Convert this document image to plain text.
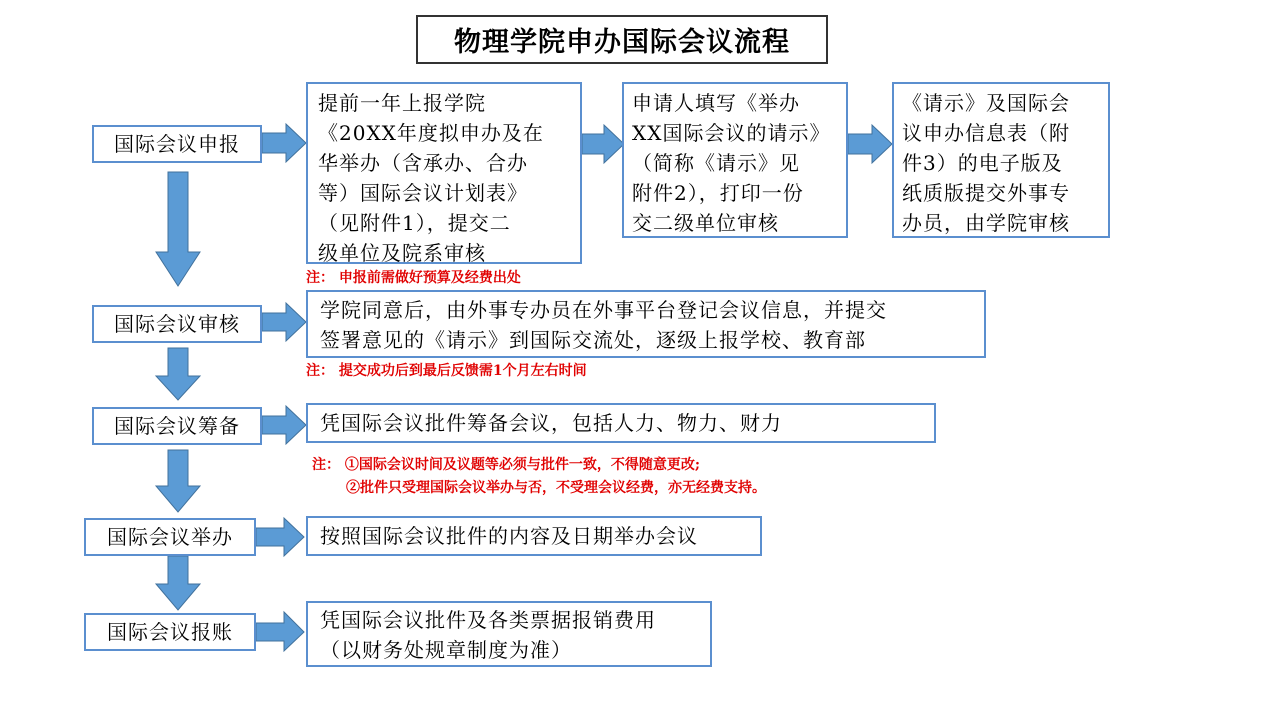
物理学院申办国际会议流程
国际会议申报
国际会议审核
国际会议筹备
国际会议举办
国际会议报账
提前一年上报学院
《20XX年度拟申办及在
华举办（含承办、合办
等）国际会议计划表》
（见附件1），提交二
级单位及院系审核
申请人填写《举办
XX国际会议的请示》
（简称《请示》见
附件2），打印一份
交二级单位审核
《请示》及国际会
议申办信息表（附
件3）的电子版及
纸质版提交外事专
办员，由学院审核
注： 申报前需做好预算及经费出处
学院同意后，由外事专办员在外事平台登记会议信息，并提交
签署意见的《请示》到国际交流处，逐级上报学校、教育部
注： 提交成功后到最后反馈需1个月左右时间
凭国际会议批件筹备会议，包括人力、物力、财力
注： ①国际会议时间及议题等必须与批件一致，不得随意更改;
②批件只受理国际会议举办与否，不受理会议经费，亦无经费支持。
按照国际会议批件的内容及日期举办会议
凭国际会议批件及各类票据报销费用
（以财务处规章制度为准）
